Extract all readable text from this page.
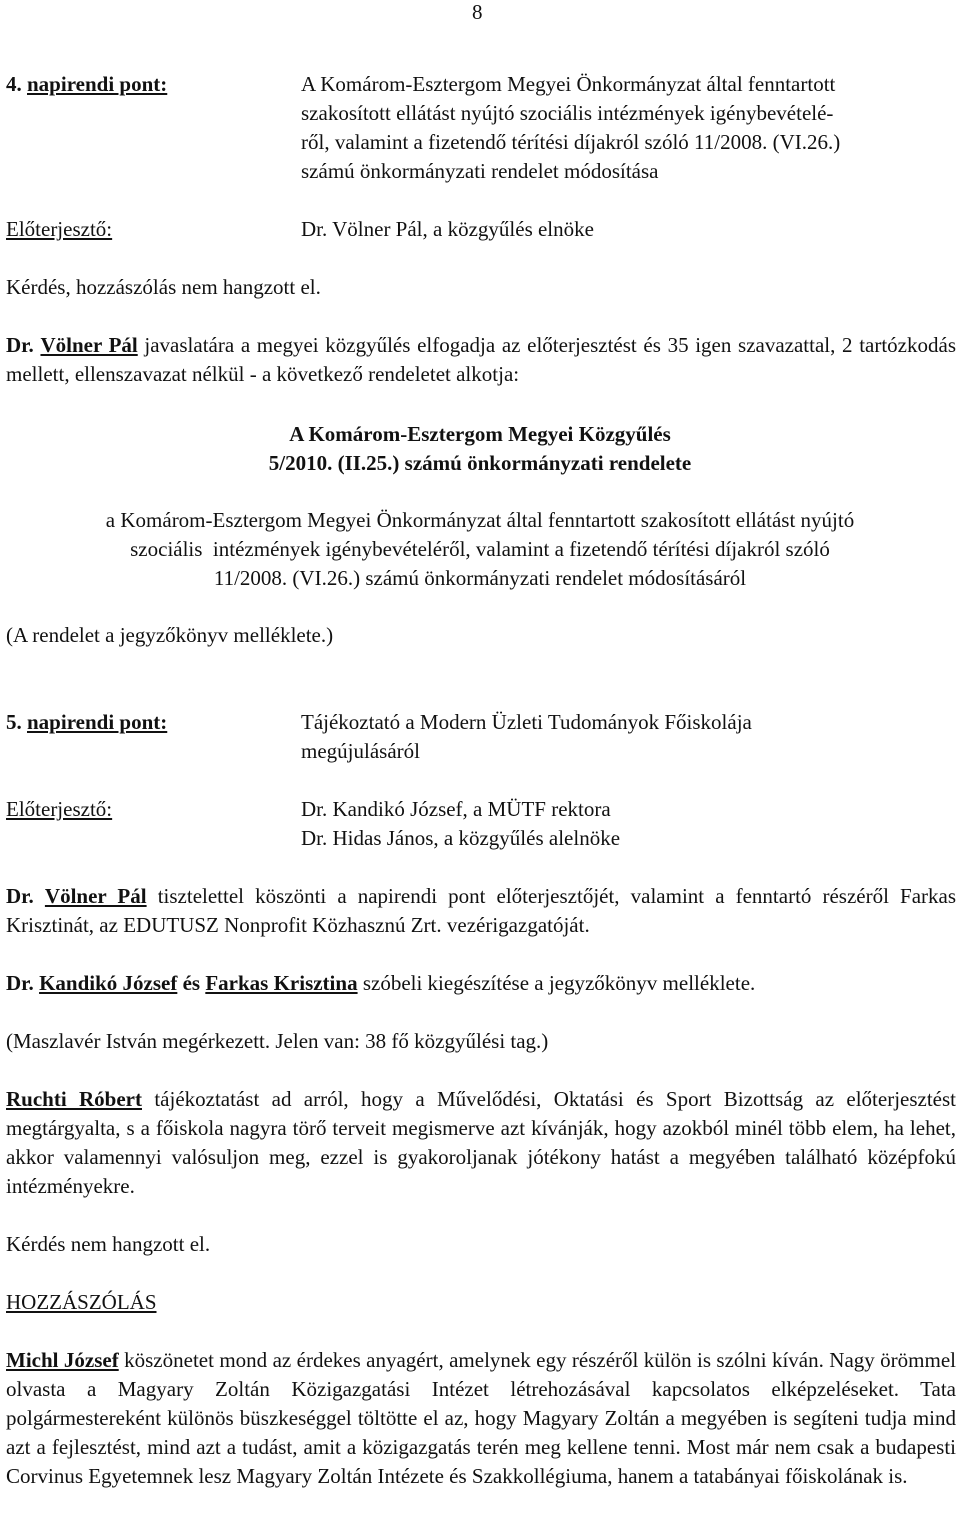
8
4. napirendi pont:	A Komárom-Esztergom Megyei Önkormányzat által fenntartott
szakosított ellátást nyújtó szociális intézmények igénybevételé-
ről, valamint a fizetendő térítési díjakról szóló 11/2008. (VI.26.)
számú önkormányzati rendelet módosítása
Előterjesztő:	Dr. Völner Pál, a közgyűlés elnöke
Kérdés, hozzászólás nem hangzott el.
Dr. Völner Pál javaslatára a megyei közgyűlés elfogadja az előterjesztést és 35 igen szavazattal, 2 tartózkodás mellett, ellenszavazat nélkül - a következő rendeletet alkotja:
A Komárom-Esztergom Megyei Közgyűlés
5/2010. (II.25.) számú önkormányzati rendelete
a Komárom-Esztergom Megyei Önkormányzat által fenntartott szakosított ellátást nyújtó
szociális  intézmények igénybevételéről, valamint a fizetendő térítési díjakról szóló
11/2008. (VI.26.) számú önkormányzati rendelet módosításáról
(A rendelet a jegyzőkönyv melléklete.)
5. napirendi pont:	Tájékoztató a Modern Üzleti Tudományok Főiskolája
megújulásáról
Előterjesztő:	Dr. Kandikó József, a MÜTF rektora
Dr. Hidas János, a közgyűlés alelnöke
Dr. Völner Pál tisztelettel köszönti a napirendi pont előterjesztőjét, valamint a fenntartó részéről Farkas Krisztinát, az EDUTUSZ Nonprofit Közhasznú Zrt. vezérigazgatóját.
Dr. Kandikó József és Farkas Krisztina szóbeli kiegészítése a jegyzőkönyv melléklete.
(Maszlavér István megérkezett. Jelen van: 38 fő közgyűlési tag.)
Ruchti Róbert tájékoztatást ad arról, hogy a Művelődési, Oktatási és Sport Bizottság az előterjesztést megtárgyalta, s a főiskola nagyra törő terveit megismerve azt kívánják, hogy azokból minél több elem, ha lehet, akkor valamennyi valósuljon meg, ezzel is gyakoroljanak jótékony hatást a megyében található középfokú intézményekre.
Kérdés nem hangzott el.
HOZZÁSZÓLÁS
Michl József köszönetet mond az érdekes anyagért, amelynek egy részéről külön is szólni kíván. Nagy örömmel olvasta a Magyary Zoltán Közigazgatási Intézet létrehozásával kapcsolatos elképzeléseket. Tata polgármestereként különös büszkeséggel töltötte el az, hogy Magyary Zoltán a megyében is segíteni tudja mind azt a fejlesztést, mind azt a tudást, amit a közigazgatás terén meg kellene tenni. Most már nem csak a budapesti Corvinus Egyetemnek lesz Magyary Zoltán Intézete és Szakkollégiuma, hanem a tatabányai főiskolának is.
